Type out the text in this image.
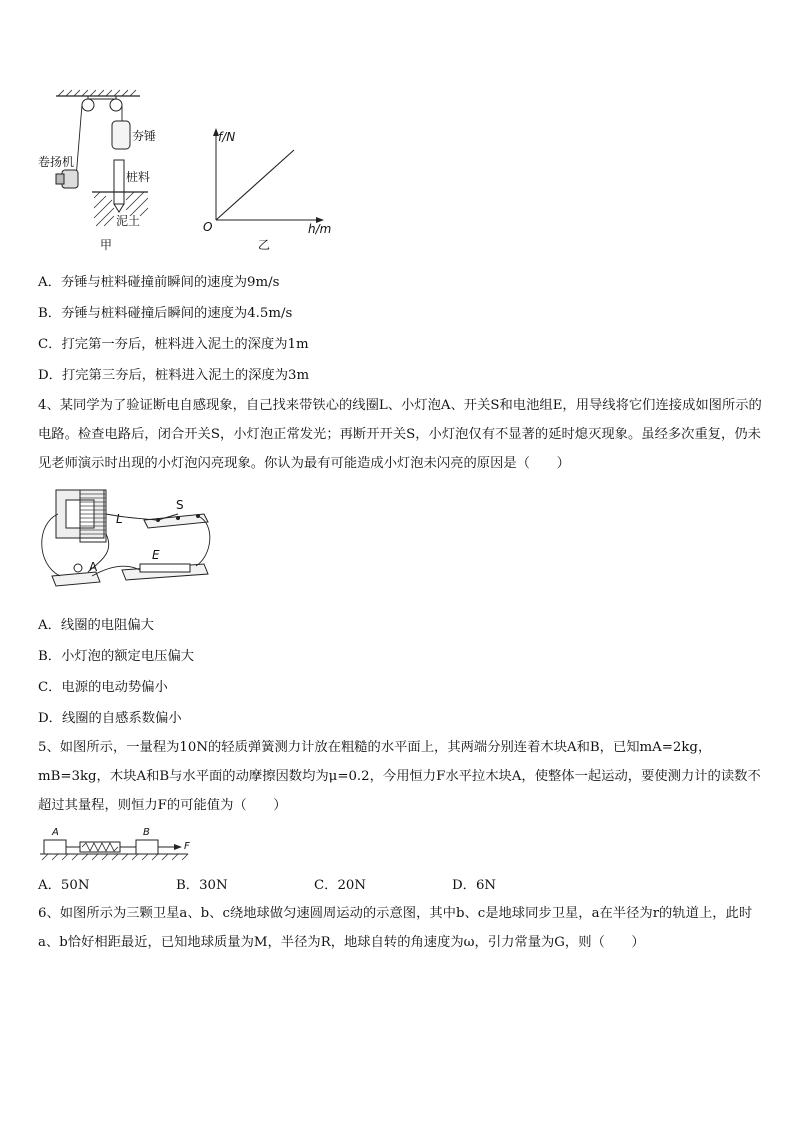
夯锤
卷扬机
桩料
泥土
甲
f/N
h/m
O
乙
A．夯锤与桩料碰撞前瞬间的速度为9m/s
B．夯锤与桩料碰撞后瞬间的速度为4.5m/s
C．打完第一夯后，桩料进入泥土的深度为1m
D．打完第三夯后，桩料进入泥土的深度为3m
4、某同学为了验证断电自感现象，自己找来带铁心的线圈L、小灯泡A、开关S和电池组E，用导线将它们连接成如图所示的电路。检查电路后，闭合开关S，小灯泡正常发光；再断开开关S，小灯泡仅有不显著的延时熄灭现象。虽经多次重复，仍未见老师演示时出现的小灯泡闪亮现象。你认为最有可能造成小灯泡未闪亮的原因是（　　）
S
L
E
A
A．线圈的电阻偏大
B．小灯泡的额定电压偏大
C．电源的电动势偏小
D．线圈的自感系数偏小
5、如图所示，一量程为10N的轻质弹簧测力计放在粗糙的水平面上，其两端分别连着木块A和B，已知mA=2kg，mB=3kg，木块A和B与水平面的动摩擦因数均为μ=0.2，今用恒力F水平拉木块A，使整体一起运动，要使测力计的读数不超过其量程，则恒力F的可能值为（　　）
A	B
F
A．50N	B．30N	C．20N	D．6N
6、如图所示为三颗卫星a、b、c绕地球做匀速圆周运动的示意图，其中b、c是地球同步卫星，a在半径为r的轨道上，此时a、b恰好相距最近，已知地球质量为M，半径为R，地球自转的角速度为ω，引力常量为G，则（　　）
